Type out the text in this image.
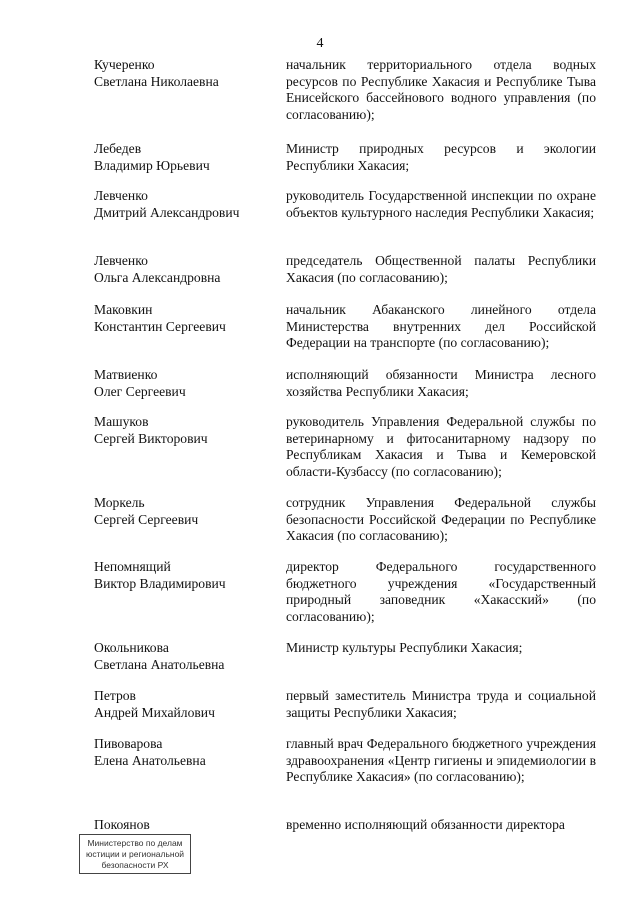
4
Кучеренко
Светлана Николаевна
начальник территориального отдела водных ресурсов по Республике Хакасия и Республике Тыва Енисейского бассейнового водного управления (по согласованию);
Лебедев
Владимир Юрьевич
Министр природных ресурсов и экологии Республики Хакасия;
Левченко
Дмитрий Александрович
руководитель Государственной инспекции по охране объектов культурного наследия Республики Хакасия;
Левченко
Ольга Александровна
председатель Общественной палаты Республики Хакасия (по согласованию);
Маковкин
Константин Сергеевич
начальник Абаканского линейного отдела Министерства внутренних дел Российской Федерации на транспорте (по согласованию);
Матвиенко
Олег Сергеевич
исполняющий обязанности Министра лесного хозяйства Республики Хакасия;
Машуков
Сергей Викторович
руководитель Управления Федеральной службы по ветеринарному и фитосанитарному надзору по Республикам Хакасия и Тыва и Кемеровской области-Кузбассу (по согласованию);
Моркель
Сергей Сергеевич
сотрудник Управления Федеральной службы безопасности Российской Федерации по Республике Хакасия (по согласованию);
Непомнящий
Виктор Владимирович
директор Федерального государственного бюджетного учреждения «Государственный природный заповедник «Хакасский» (по согласованию);
Окольникова
Светлана Анатольевна
Министр культуры Республики Хакасия;
Петров
Андрей Михайлович
первый заместитель Министра труда и социальной защиты Республики Хакасия;
Пивоварова
Елена Анатольевна
главный врач Федерального бюджетного учреждения здравоохранения «Центр гигиены и эпидемиологии в Республике Хакасия» (по согласованию);
Покоянов	временно исполняющий обязанности директора
Министерство по делам
юстиции и региональной
безопасности РХ
